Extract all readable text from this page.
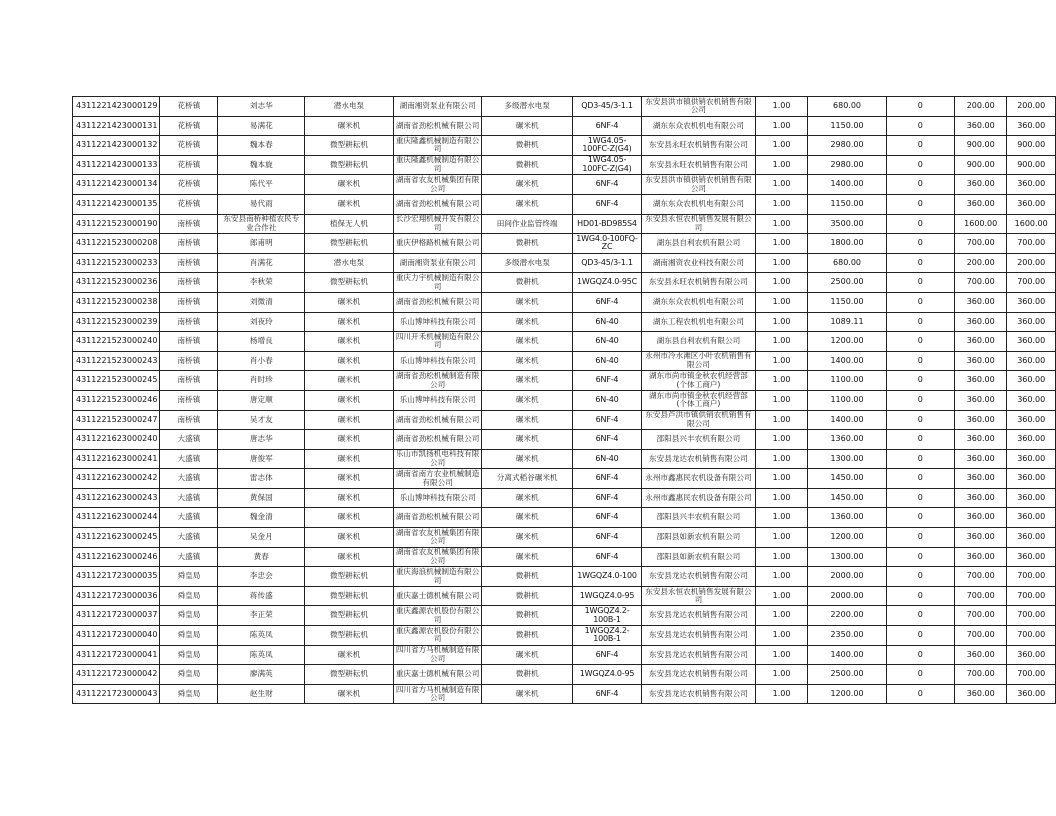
4311221423000129	花桥镇	刘志华	潜水电泵	湖南湘资泵业有限公司	多级潜水电泵	QD3-45/3-1.1	东安县洪市镇供销农机销售有限公司	1.00	680.00	0	200.00	200.00
4311221423000131	花桥镇	易满花	碾米机	湖南省劲松机械有限公司	碾米机	6NF-4	湖东东众农机机电有限公司	1.00	1150.00	0	360.00	360.00
4311221423000132	花桥镇	魏本春	微型耕耘机	重庆隆鑫机械制造有限公司	微耕机	1WG4.05-100FC-Z(G4)	东安县永旺农机销售有限公司	1.00	2980.00	0	900.00	900.00
4311221423000133	花桥镇	魏本旋	微型耕耘机	重庆隆鑫机械制造有限公司	微耕机	1WG4.05-100FC-Z(G4)	东安县永旺农机销售有限公司	1.00	2980.00	0	900.00	900.00
4311221423000134	花桥镇	陈代平	碾米机	湖南省农友机械集团有限公司	碾米机	6NF-4	东安县洪市镇供销农机销售有限公司	1.00	1400.00	0	360.00	360.00
4311221423000135	花桥镇	易代雨	碾米机	湖南省劲松机械有限公司	碾米机	6NF-4	湖东东众农机机电有限公司	1.00	1150.00	0	360.00	360.00
4311221523000190	南桥镇	东安县南桥种植农民专业合作社	植保无人机	长沙宏翔机械开发有限公司	田间作业监管终端	HD01-BD985S4	东安县永恒农机销售发展有限公司	1.00	3500.00	0	1600.00	1600.00
4311221523000208	南桥镇	郎甫明	微型耕耘机	重庆伊格路机械有限公司	微耕机	1WG4.0-100FQ-ZC	湖东县自利农机有限公司	1.00	1800.00	0	700.00	700.00
4311221523000233	南桥镇	肖满花	潜水电泵	湖南湘资泵业有限公司	多级潜水电泵	QD3-45/3-1.1	湖南湘资农业科技有限公司	1.00	680.00	0	200.00	200.00
4311221523000236	南桥镇	李秋荣	微型耕耘机	重庆力宇机械制造有限公司	微耕机	1WGQZ4.0-95C	东安县永旺农机销售有限公司	1.00	2500.00	0	700.00	700.00
4311221523000238	南桥镇	刘微清	碾米机	湖南省劲松机械有限公司	碾米机	6NF-4	湖东东众农机机电有限公司	1.00	1150.00	0	360.00	360.00
4311221523000239	南桥镇	刘夜玲	碾米机	乐山博坤科技有限公司	碾米机	6N-40	湖东工程农机机电有限公司	1.00	1089.11	0	360.00	360.00
4311221523000240	南桥镇	杨增良	碾米机	四川开禾机械制造有限公司	碾米机	6N-40	湖东县自利农机有限公司	1.00	1200.00	0	360.00	360.00
4311221523000243	南桥镇	肖小春	碾米机	乐山博坤科技有限公司	碾米机	6N-40	永州市冷水滩区小叶农机销售有限公司	1.00	1400.00	0	360.00	360.00
4311221523000245	南桥镇	肖时珍	碾米机	湖南省劲松机械制造有限公司	碾米机	6NF-4	湖东市尚市镇金秋农机经营部(个体工商户)	1.00	1100.00	0	360.00	360.00
4311221523000246	南桥镇	唐定顺	碾米机	乐山博坤科技有限公司	碾米机	6N-40	湖东市尚市镇金秋农机经营部(个体工商户)	1.00	1100.00	0	360.00	360.00
4311221523000247	南桥镇	吴才友	碾米机	湖南省劲松机械有限公司	碾米机	6NF-4	东安县芦洪市镇供销农机销售有限公司	1.00	1400.00	0	360.00	360.00
4311221623000240	大盛镇	唐志华	碾米机	湖南省劲松机械有限公司	碾米机	6NF-4	邵阳县兴丰农机有限公司	1.00	1360.00	0	360.00	360.00
4311221623000241	大盛镇	唐俊军	碾米机	乐山市凯扬机电科技有限公司	碾米机	6N-40	东安县龙达农机销售有限公司	1.00	1300.00	0	360.00	360.00
4311221623000242	大盛镇	雷志体	碾米机	湖南省南方农业机械制造有限公司	分离式稻谷碾米机	6NF-4	永州市鑫惠民农机设备有限公司	1.00	1450.00	0	360.00	360.00
4311221623000243	大盛镇	黄保国	碾米机	乐山博坤科技有限公司	碾米机	6NF-4	永州市鑫惠民农机设备有限公司	1.00	1450.00	0	360.00	360.00
4311221623000244	大盛镇	魏金清	碾米机	湖南省劲松机械有限公司	碾米机	6NF-4	邵阳县兴丰农机有限公司	1.00	1360.00	0	360.00	360.00
4311221623000245	大盛镇	吴金月	碾米机	湖南省农友机械集团有限公司	碾米机	6NF-4	邵阳县如新农机有限公司	1.00	1200.00	0	360.00	360.00
4311221623000246	大盛镇	黄春	碾米机	湖南省农友机械集团有限公司	碾米机	6NF-4	邵阳县如新农机有限公司	1.00	1300.00	0	360.00	360.00
4311221723000035	舜皇局	李忠会	微型耕耘机	重庆海浪机械制造有限公司	微耕机	1WGQZ4.0-100	东安县龙达农机销售有限公司	1.00	2000.00	0	700.00	700.00
4311221723000036	舜皇局	蒋传盛	微型耕耘机	重庆嘉士德机械有限公司	微耕机	1WGQZ4.0-95	东安县永恒农机销售发展有限公司	1.00	2000.00	0	700.00	700.00
4311221723000037	舜皇局	李正荣	微型耕耘机	重庆鑫源农机股份有限公司	微耕机	1WGQZ4.2-100B-1	东安县龙达农机销售有限公司	1.00	2200.00	0	700.00	700.00
4311221723000040	舜皇局	陈英凤	微型耕耘机	重庆鑫源农机股份有限公司	微耕机	1WGQZ4.2-100B-1	东安县龙达农机销售有限公司	1.00	2350.00	0	700.00	700.00
4311221723000041	舜皇局	陈英凤	碾米机	四川省方马机械制造有限公司	碾米机	6NF-4	东安县龙达农机销售有限公司	1.00	1400.00	0	360.00	360.00
4311221723000042	舜皇局	廖满英	微型耕耘机	重庆嘉士德机械有限公司	微耕机	1WGQZ4.0-95	东安县龙达农机销售有限公司	1.00	2500.00	0	700.00	700.00
4311221723000043	舜皇局	赵生财	碾米机	四川省方马机械制造有限公司	碾米机	6NF-4	东安县龙达农机销售有限公司	1.00	1200.00	0	360.00	360.00
